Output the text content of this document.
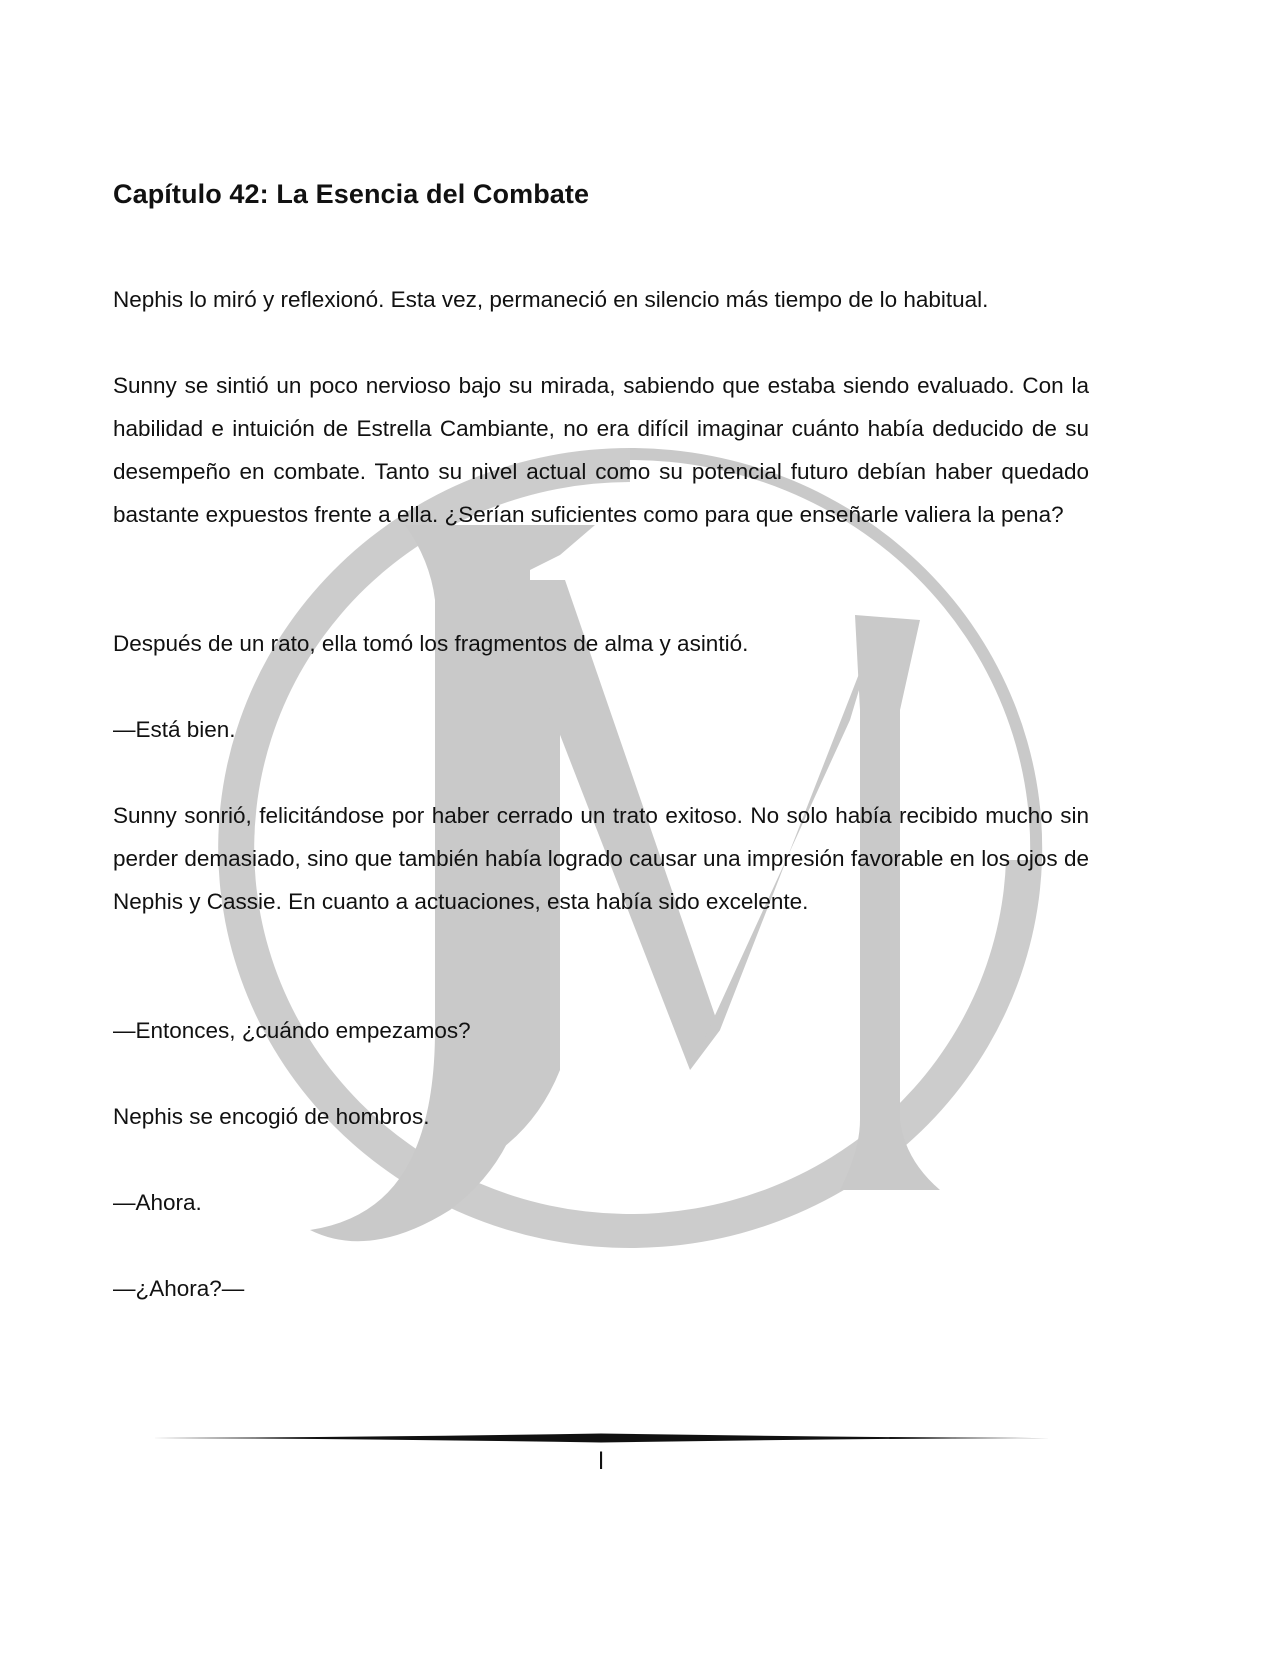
Capítulo 42: La Esencia del Combate

Nephis lo miró y reflexionó. Esta vez, permaneció en silencio más tiempo de lo habitual.

Sunny se sintió un poco nervioso bajo su mirada, sabiendo que estaba siendo evaluado. Con la habilidad e intuición de Estrella Cambiante, no era difícil imaginar cuánto había deducido de su desempeño en combate. Tanto su nivel actual como su potencial futuro debían haber quedado bastante expuestos frente a ella. ¿Serían suficientes como para que enseñarle valiera la pena?

Después de un rato, ella tomó los fragmentos de alma y asintió.

—Está bien.

Sunny sonrió, felicitándose por haber cerrado un trato exitoso. No solo había recibido mucho sin perder demasiado, sino que también había logrado causar una impresión favorable en los ojos de Nephis y Cassie. En cuanto a actuaciones, esta había sido excelente.

—Entonces, ¿cuándo empezamos?

Nephis se encogió de hombros.

—Ahora.

—¿Ahora?—

l
